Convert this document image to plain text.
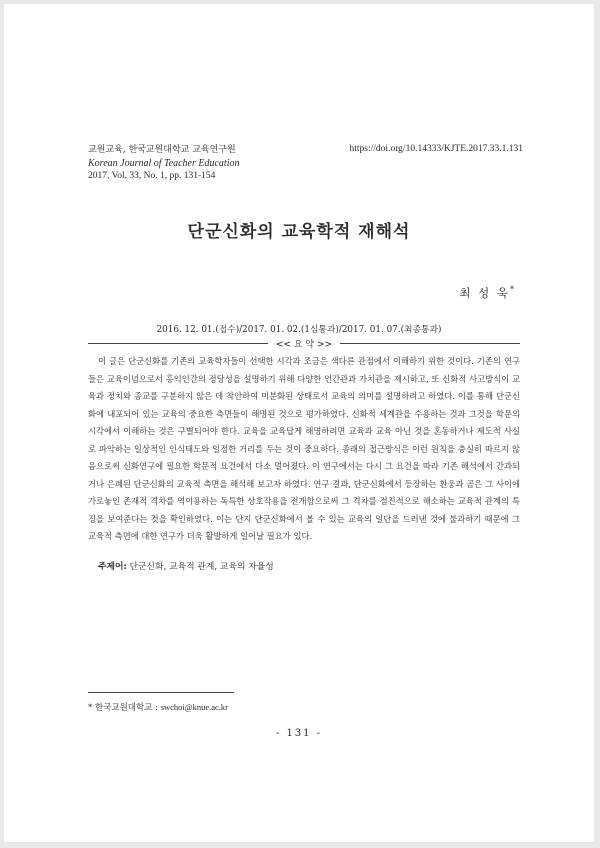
교원교육, 한국교원대학교 교육연구원
Korean Journal of Teacher Education
2017, Vol. 33, No. 1, pp. 131-154
https://doi.org/10.14333/KJTE.2017.33.1.131
단군신화의 교육학적 재해석
최 성 욱*
2016. 12. 01.(접수)/2017. 01. 02.(1심통과)/2017. 01. 07.(최종통과)
<< 요 약 >>

이 글은 단군신화를 기존의 교육학자들이 선택한 시각과 조금은 색다른 관점에서 이해하기 위한 것이다. 기존의 연구들은 교육이념으로서 홍익인간의 정당성을 설명하기 위해 다양한 인간관과 가치관을 제시하고, 또 신화적 사고방식이 교육과 정치와 종교를 구분하지 않은 데 착안하여 미분화된 상태로서 교육의 의미를 설명하려고 하였다. 이를 통해 단군신화에 내포되어 있는 교육의 중요한 측면들이 해명된 것으로 평가하였다. 신화적 세계관을 수용하는 것과 그것을 학문의 시각에서 이해하는 것은 구별되어야 한다. 교육을 교육답게 해명하려면 교육과 교육 아닌 것을 혼동하거나 제도적 사실로 파악하는 일상적인 인식태도와 일정한 거리를 두는 것이 중요하다. 종래의 접근방식은 이런 원칙을 충실히 따르지 않음으로써 신화연구에 필요한 학문적 요건에서 다소 멀어졌다. 이 연구에서는 다시 그 요건을 따라 기존 해석에서 간과되거나 은폐된 단군신화의 교육적 측면을 해석해 보고자 하였다. 연구 결과, 단군신화에서 등장하는 환웅과 곰은 그 사이에 가로놓인 존재적 격차를 역이용하는 독특한 상호작용을 전개함으로써 그 격차를 점진적으로 해소하는 교육적 관계의 특징을 보여준다는 것을 확인하였다. 이는 단지 단군신화에서 볼 수 있는 교육의 일단을 드러낸 것에 불과하기 때문에 그 교육적 측면에 대한 연구가 더욱 활발하게 일어날 필요가 있다.

주제어: 단군신화, 교육적 관계, 교육의 자율성
* 한국교원대학교 : swchoi@knue.ac.kr
- 131 -
